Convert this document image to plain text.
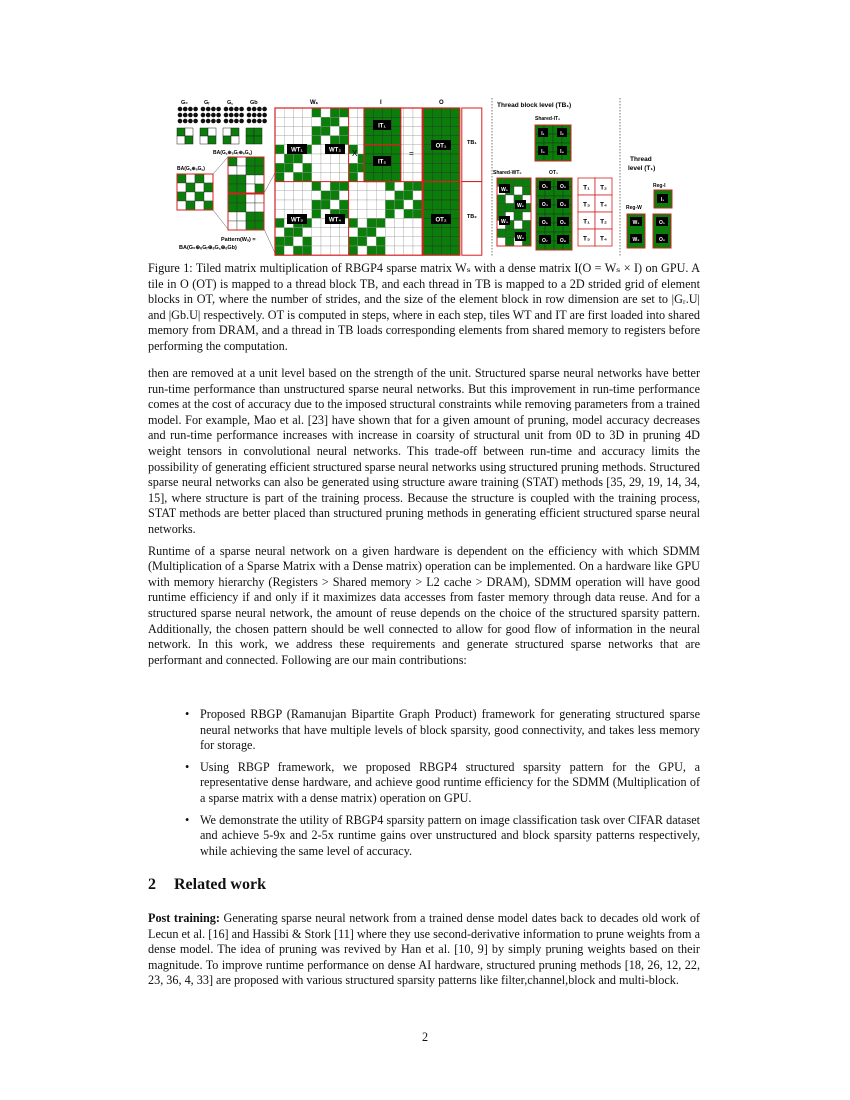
G₀	Gᵣ	G꜀	Gb
BA(G꜀⊕ₑGᵣ⊕ₑG꜀)
BA(G꜀⊕ₑG꜀)
Pattern(Wₛ) =
BA(G₀⊕ₑGᵣ⊕ₑG꜀⊕ₑGb)
Wₛ
WT₁	WT₂
WT₃	WT₄
X	=
I
IT₁
IT₂
O
TB₁
TB₂
OT₁
OT₂
Thread block level (TB₁)
Shared-IT₂
I₁	I₂
I₃	I₄
Shared-WT₂	OT₁
W₁
W₂
W₃
W₄
O₁ O₂
O₃ O₄
O₅ O₆
O₇ O₈
T₁ T₂
T₃ T₄
T₁ T₂
T₃ T₄
Thread
level (T₁)
Reg-I
Reg-W
I₁
W₁
W₂
O₁
O₂
Figure 1: Tiled matrix multiplication of RBGP4 sparse matrix Wₛ with a dense matrix I(O = Wₛ × I) on GPU. A tile in O (OT) is mapped to a thread block TB, and each thread in TB is mapped to a 2D strided grid of element blocks in OT, where the number of strides, and the size of the element block in row dimension are set to |Gᵣ.U| and |Gb.U| respectively. OT is computed in steps, where in each step, tiles WT and IT are first loaded into shared memory from DRAM, and a thread in TB loads corresponding elements from shared memory to registers before performing the computation.

then are removed at a unit level based on the strength of the unit. Structured sparse neural networks have better run-time performance than unstructured sparse neural networks. But this improvement in run-time performance comes at the cost of accuracy due to the imposed structural constraints while removing parameters from a trained model. For example, Mao et al. [23] have shown that for a given amount of pruning, model accuracy decreases and run-time performance increases with increase in coarsity of structural unit from 0D to 3D in pruning 4D weight tensors in convolutional neural networks. This trade-off between run-time and accuracy limits the possibility of generating efficient structured sparse neural networks using structured pruning methods. Structured sparse neural networks can also be generated using structure aware training (STAT) methods [35, 29, 19, 14, 34, 15], where structure is part of the training process. Because the structure is coupled with the training process, STAT methods are better placed than structured pruning methods in generating efficient structured sparse neural networks.

Runtime of a sparse neural network on a given hardware is dependent on the efficiency with which SDMM (Multiplication of a Sparse Matrix with a Dense matrix) operation can be implemented. On a hardware like GPU with memory hierarchy (Registers > Shared memory > L2 cache > DRAM), SDMM operation will have good runtime efficiency if and only if it maximizes data accesses from faster memory through data reuse. And for a structured sparse neural network, the amount of reuse depends on the choice of the structured sparsity pattern. Additionally, the chosen pattern should be well connected to allow for good flow of information in the neural network. In this work, we address these requirements and generate structured sparse networks that are performant and connected. Following are our main contributions:

• Proposed RBGP (Ramanujan Bipartite Graph Product) framework for generating structured sparse neural networks that have multiple levels of block sparsity, good connectivity, and takes less memory for storage.
• Using RBGP framework, we proposed RBGP4 structured sparsity pattern for the GPU, a representative dense hardware, and achieve good runtime efficiency for the SDMM (Multiplication of a sparse matrix with a dense matrix) operation on GPU.
• We demonstrate the utility of RBGP4 sparsity pattern on image classification task over CIFAR dataset and achieve 5-9x and 2-5x runtime gains over unstructured and block sparsity patterns respectively, while achieving the same level of accuracy.
2 Related work
Post training: Generating sparse neural network from a trained dense model dates back to decades old work of Lecun et al. [16] and Hassibi & Stork [11] where they use second-derivative information to prune weights from a dense model. The idea of pruning was revived by Han et al. [10, 9] by simply pruning weights based on their magnitude. To improve runtime performance on dense AI hardware, structured pruning methods [18, 26, 12, 22, 23, 36, 4, 33] are proposed with various structured sparsity patterns like filter,channel,block and multi-block.
2
